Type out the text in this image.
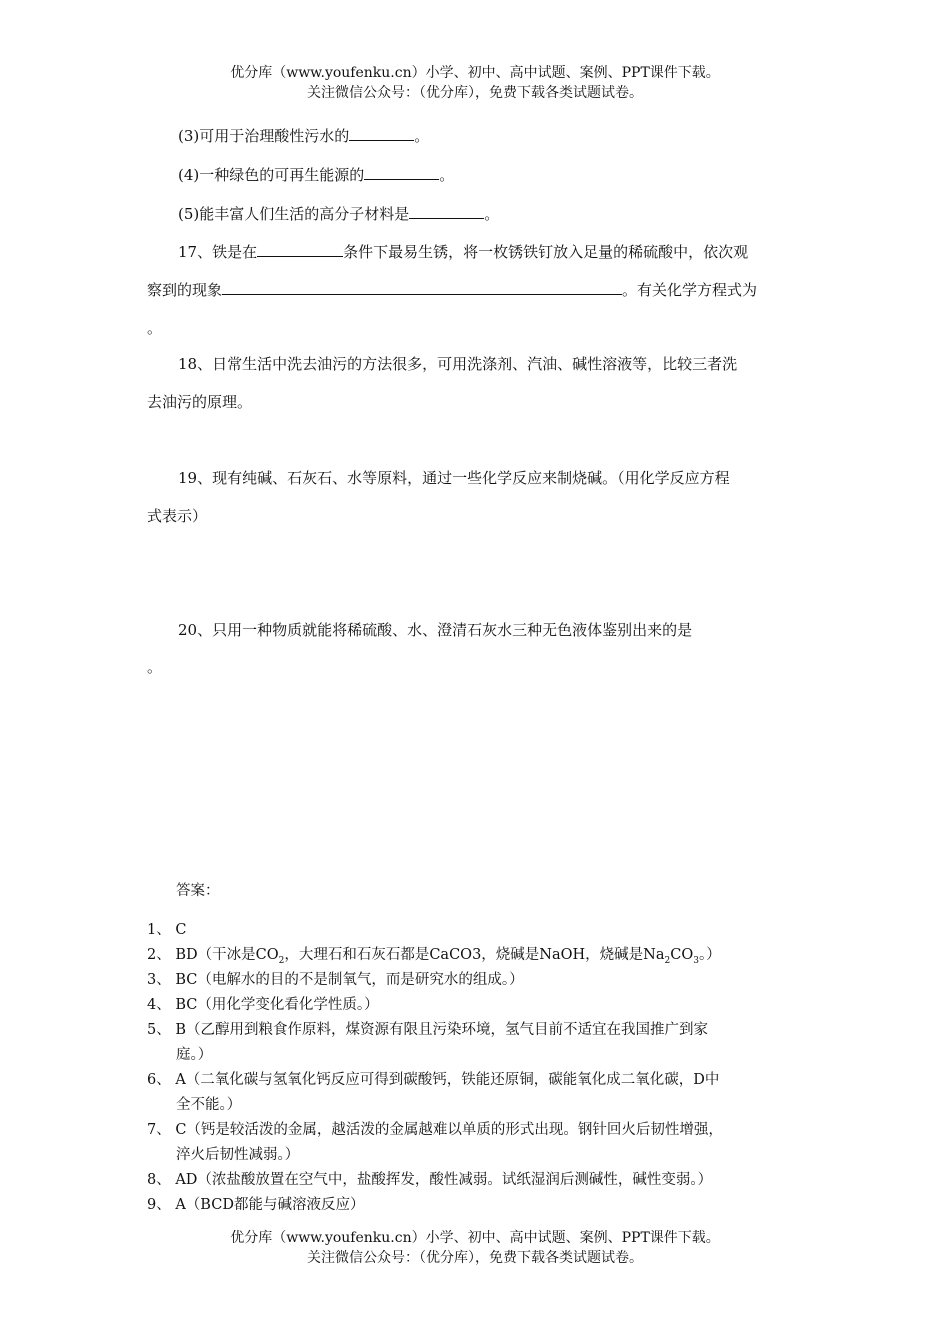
优分库（www.youfenku.cn）小学、初中、高中试题、案例、PPT课件下载。
关注微信公众号：（优分库），免费下载各类试题试卷。
(3)可用于治理酸性污水的	。
(4)一种绿色的可再生能源的	。
(5)能丰富人们生活的高分子材料是	。
17、铁是在	条件下最易生锈，将一枚锈铁钉放入足量的稀硫酸中，依次观
察到的现象	。有关化学方程式为
。
18、日常生活中洗去油污的方法很多，可用洗涤剂、汽油、碱性溶液等，比较三者洗
去油污的原理。
19、现有纯碱、石灰石、水等原料，通过一些化学反应来制烧碱。（用化学反应方程
式表示）
20、只用一种物质就能将稀硫酸、水、澄清石灰水三种无色液体鉴别出来的是
。
答案：
1、 C
2、 BD（干冰是$CO_2$，大理石和石灰石都是CaCO3，烧碱是NaOH，烧碱是$Na_2CO_3$。）
3、 BC（电解水的目的不是制氧气，而是研究水的组成。）
4、 BC（用化学变化看化学性质。）
5、 B（乙醇用到粮食作原料，煤资源有限且污染环境，氢气目前不适宜在我国推广到家
庭。）
6、 A（二氧化碳与氢氧化钙反应可得到碳酸钙，铁能还原铜，碳能氧化成二氧化碳，D中
全不能。）
7、 C（钙是较活泼的金属，越活泼的金属越难以单质的形式出现。钢针回火后韧性增强，
淬火后韧性减弱。）
8、 AD（浓盐酸放置在空气中，盐酸挥发，酸性减弱。试纸湿润后测碱性，碱性变弱。）
9、 A（BCD都能与碱溶液反应）
优分库（www.youfenku.cn）小学、初中、高中试题、案例、PPT课件下载。
关注微信公众号：（优分库），免费下载各类试题试卷。
